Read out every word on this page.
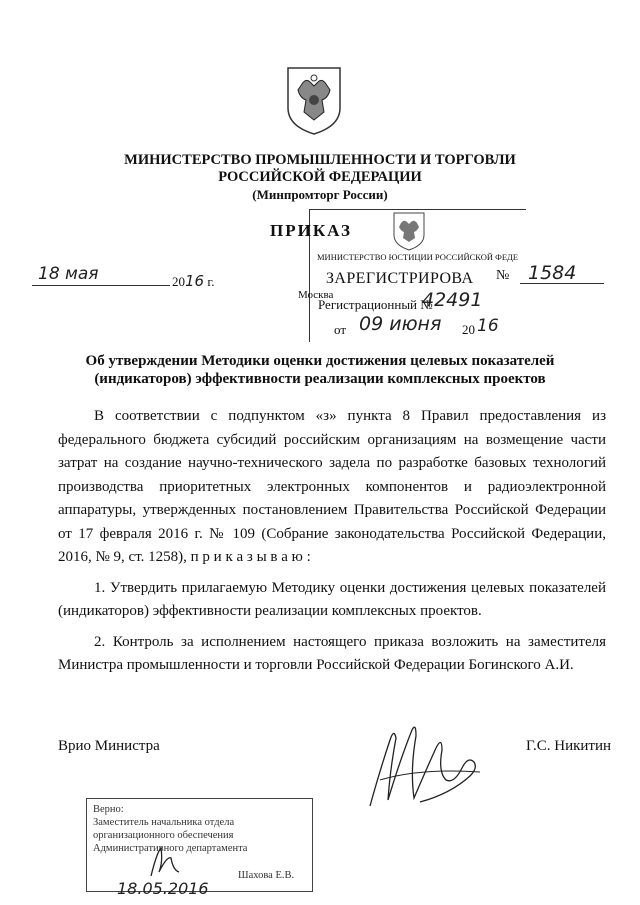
МИНИСТЕРСТВО ПРОМЫШЛЕННОСТИ И ТОРГОВЛИ
РОССИЙСКОЙ ФЕДЕРАЦИИ
(Минпромторг России)
МИНИСТЕРСТВО ЮСТИЦИИ РОССИЙСКОЙ ФЕДЕ
ЗАРЕГИСТРИРОВА
Регистрационный №
42491
от 09 июня 20 16
ПРИКАЗ
18 мая	2016 г.
Москва
№ 1584
Об утверждении Методики оценки достижения целевых показателей
(индикаторов) эффективности реализации комплексных проектов

В соответствии с подпунктом «з» пункта 8 Правил предоставления из федерального бюджета субсидий российским организациям на возмещение части затрат на создание научно-технического задела по разработке базовых технологий производства приоритетных электронных компонентов и радиоэлектронной аппаратуры, утвержденных постановлением Правительства Российской Федерации от 17 февраля 2016 г. № 109 (Собрание законодательства Российской Федерации, 2016, № 9, ст. 1258), п р и к а з ы в а ю :

1. Утвердить прилагаемую Методику оценки достижения целевых показателей (индикаторов) эффективности реализации комплексных проектов.

2. Контроль за исполнением настоящего приказа возложить на заместителя Министра промышленности и торговли Российской Федерации Богинского А.И.

Врио Министра	Г.С. Никитин
Верно:
Заместитель начальника отдела
организационного обеспечения
Административного департамента
Шахова Е.В.
18.05.2016
